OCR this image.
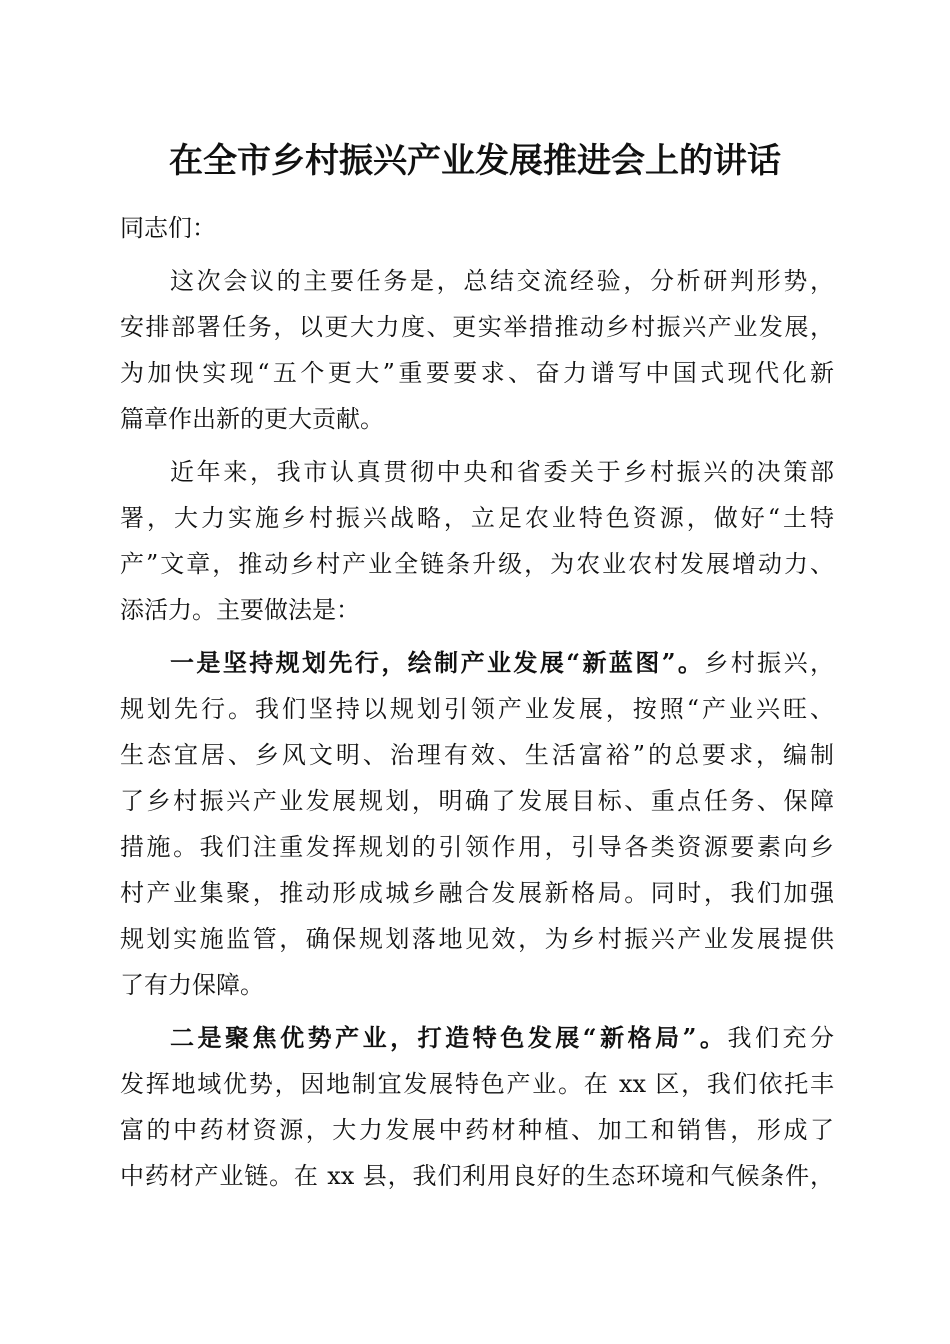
在全市乡村振兴产业发展推进会上的讲话
同志们：
这次会议的主要任务是，总结交流经验，分析研判形势，
安排部署任务，以更大力度、更实举措推动乡村振兴产业发展，
为加快实现“五个更大”重要要求、奋力谱写中国式现代化新
篇章作出新的更大贡献。
近年来，我市认真贯彻中央和省委关于乡村振兴的决策部
署，大力实施乡村振兴战略，立足农业特色资源，做好“土特
产”文章，推动乡村产业全链条升级，为农业农村发展增动力、
添活力。主要做法是：
一是坚持规划先行，绘制产业发展“新蓝图”。乡村振兴，
规划先行。我们坚持以规划引领产业发展，按照“产业兴旺、
生态宜居、乡风文明、治理有效、生活富裕”的总要求，编制
了乡村振兴产业发展规划，明确了发展目标、重点任务、保障
措施。我们注重发挥规划的引领作用，引导各类资源要素向乡
村产业集聚，推动形成城乡融合发展新格局。同时，我们加强
规划实施监管，确保规划落地见效，为乡村振兴产业发展提供
了有力保障。
二是聚焦优势产业，打造特色发展“新格局”。我们充分
发挥地域优势，因地制宜发展特色产业。在 xx 区，我们依托丰
富的中药材资源，大力发展中药材种植、加工和销售，形成了
中药材产业链。在 xx 县，我们利用良好的生态环境和气候条件，
